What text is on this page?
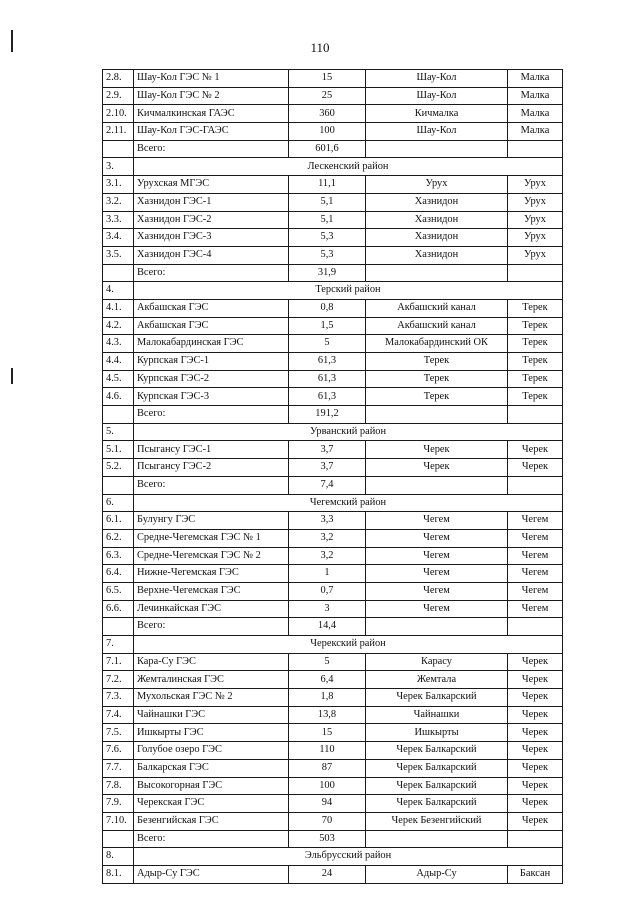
110
2.8.	Шау-Кол ГЭС № 1	15	Шау-Кол	Малка
2.9.	Шау-Кол ГЭС № 2	25	Шау-Кол	Малка
2.10.	Кичмалкинская ГАЭС	360	Кичмалка	Малка
2.11.	Шау-Кол ГЭС-ГАЭС	100	Шау-Кол	Малка
	Всего:	601,6		
3.	Лескенский район			
3.1.	Урухская МГЭС	11,1	Урух	Урух
3.2.	Хазнидон ГЭС-1	5,1	Хазнидон	Урух
3.3.	Хазнидон ГЭС-2	5,1	Хазнидон	Урух
3.4.	Хазнидон ГЭС-3	5,3	Хазнидон	Урух
3.5.	Хазнидон ГЭС-4	5,3	Хазнидон	Урух
	Всего:	31,9		
4.	Терский район			
4.1.	Акбашская ГЭС	0,8	Акбашский канал	Терек
4.2.	Акбашская ГЭС	1,5	Акбашский канал	Терек
4.3.	Малокабардинская ГЭС	5	Малокабардинский ОК	Терек
4.4.	Курпская ГЭС-1	61,3	Терек	Терек
4.5.	Курпская ГЭС-2	61,3	Терек	Терек
4.6.	Курпская ГЭС-3	61,3	Терек	Терек
	Всего:	191,2		
5.	Урванский район			
5.1.	Псыгансу ГЭС-1	3,7	Черек	Черек
5.2.	Псыгансу ГЭС-2	3,7	Черек	Черек
	Всего:	7,4		
6.	Чегемский район			
6.1.	Булунгу ГЭС	3,3	Чегем	Чегем
6.2.	Средне-Чегемская ГЭС № 1	3,2	Чегем	Чегем
6.3.	Средне-Чегемская ГЭС № 2	3,2	Чегем	Чегем
6.4.	Нижне-Чегемская ГЭС	1	Чегем	Чегем
6.5.	Верхне-Чегемская ГЭС	0,7	Чегем	Чегем
6.6.	Лечинкайская ГЭС	3	Чегем	Чегем
	Всего:	14,4		
7.	Черекский район			
7.1.	Кара-Су ГЭС	5	Карасу	Черек
7.2.	Жемталинская ГЭС	6,4	Жемтала	Черек
7.3.	Мухольская ГЭС № 2	1,8	Черек Балкарский	Черек
7.4.	Чайнашки ГЭС	13,8	Чайнашки	Черек
7.5.	Ишкырты ГЭС	15	Ишкырты	Черек
7.6.	Голубое озеро ГЭС	110	Черек Балкарский	Черек
7.7.	Балкарская ГЭС	87	Черек Балкарский	Черек
7.8.	Высокогорная ГЭС	100	Черек Балкарский	Черек
7.9.	Черекская ГЭС	94	Черек Балкарский	Черек
7.10.	Безенгийская ГЭС	70	Черек Безенгийский	Черек
	Всего:	503		
8.	Эльбрусский район			
8.1.	Адыр-Су ГЭС	24	Адыр-Су	Баксан
